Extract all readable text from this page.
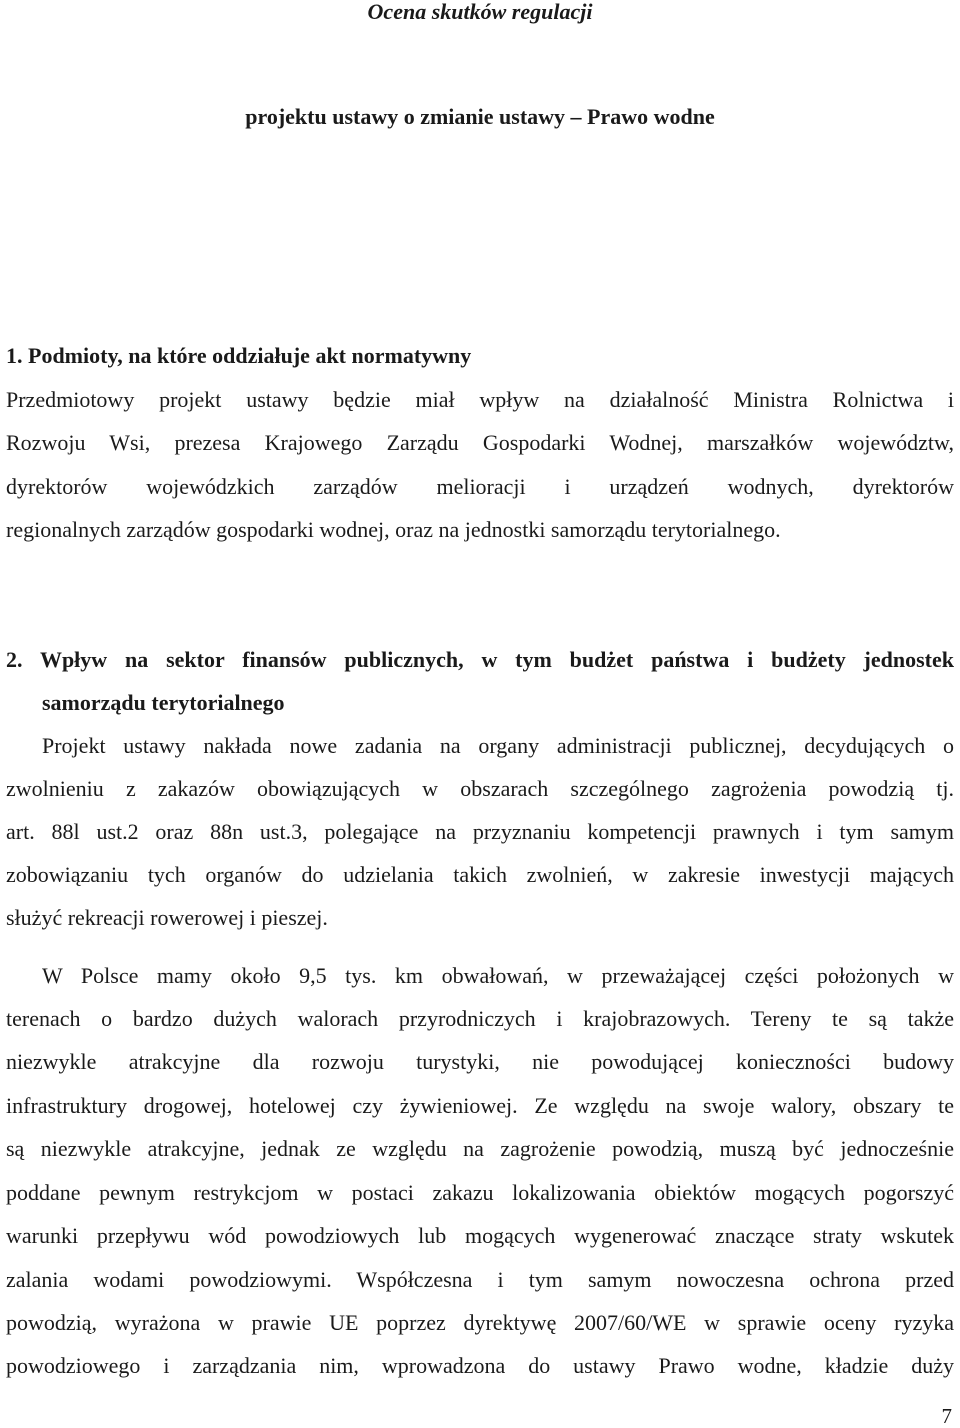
Ocena skutków regulacji

projektu ustawy o zmianie ustawy – Prawo wodne

1. Podmioty, na które oddziałuje akt normatywny

Przedmiotowy projekt ustawy będzie miał wpływ na działalność Ministra Rolnictwa i

Rozwoju Wsi, prezesa Krajowego Zarządu Gospodarki Wodnej, marszałków województw,

dyrektorów wojewódzkich zarządów melioracji i urządzeń wodnych, dyrektorów

regionalnych zarządów gospodarki wodnej, oraz na jednostki samorządu terytorialnego.

2. Wpływ na sektor finansów publicznych, w tym budżet państwa i budżety jednostek

samorządu terytorialnego

Projekt ustawy nakłada nowe zadania na organy administracji publicznej, decydujących o

zwolnieniu z zakazów obowiązujących w obszarach szczególnego zagrożenia powodzią tj.

art. 88l ust.2 oraz 88n ust.3, polegające na przyznaniu kompetencji prawnych i tym samym

zobowiązaniu tych organów do udzielania takich zwolnień, w zakresie inwestycji mających

służyć rekreacji rowerowej i pieszej.

W Polsce mamy około 9,5 tys. km obwałowań, w przeważającej części położonych w

terenach o bardzo dużych walorach przyrodniczych i krajobrazowych. Tereny te są także

niezwykle atrakcyjne dla rozwoju turystyki, nie powodującej konieczności budowy

infrastruktury drogowej, hotelowej czy żywieniowej. Ze względu na swoje walory, obszary te

są niezwykle atrakcyjne, jednak ze względu na zagrożenie powodzią, muszą być jednocześnie

poddane pewnym restrykcjom w postaci zakazu lokalizowania obiektów mogących pogorszyć

warunki przepływu wód powodziowych lub mogących wygenerować znaczące straty wskutek

zalania wodami powodziowymi. Współczesna i tym samym nowoczesna ochrona przed

powodzią, wyrażona w prawie UE poprzez dyrektywę 2007/60/WE w sprawie oceny ryzyka

powodziowego i zarządzania nim, wprowadzona do ustawy Prawo wodne, kładzie duży

7
